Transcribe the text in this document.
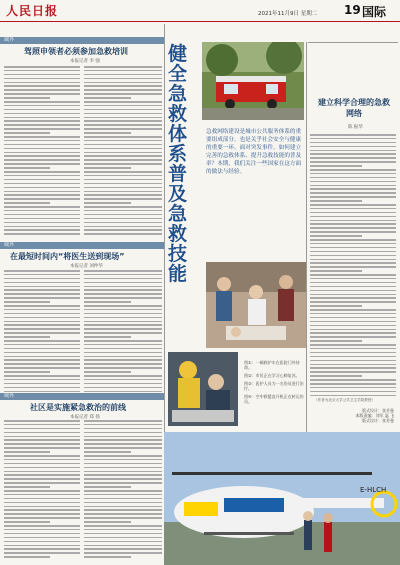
人民日报	2021年11月9日 星期二 19 国际
域外
驾照申领者必须参加急救培训
本报记者 李 强
域外
在最短时间内“将医生送到现场”
本报记者 刘仲华
域外
社区是实施紧急救治的前线
本报记者 郑 扬
健全急救体系 普及急救技能
建立科学合理的急救网络
陈 振华
（作者为北京大学公共卫生学院教授）
急救网络建设是城市公共服务体系的重要组成部分，也是关乎社会安全与健康的重要一环。面对突发事件，如何建立完善的急救体系、提升急救技能的普及率？本期，我们关注一些国家在这方面的做法与经验。
图①：一辆救护车在医院门外待命。
图②：市民正在学习心肺复苏。
图③：医护人员为一名伤员进行治疗。
图④：空中救援直升机正在转运伤员。
版式设计：张芳曼
本版责编：刘军 温 飞
版式设计：张芳曼
E-HLCH
